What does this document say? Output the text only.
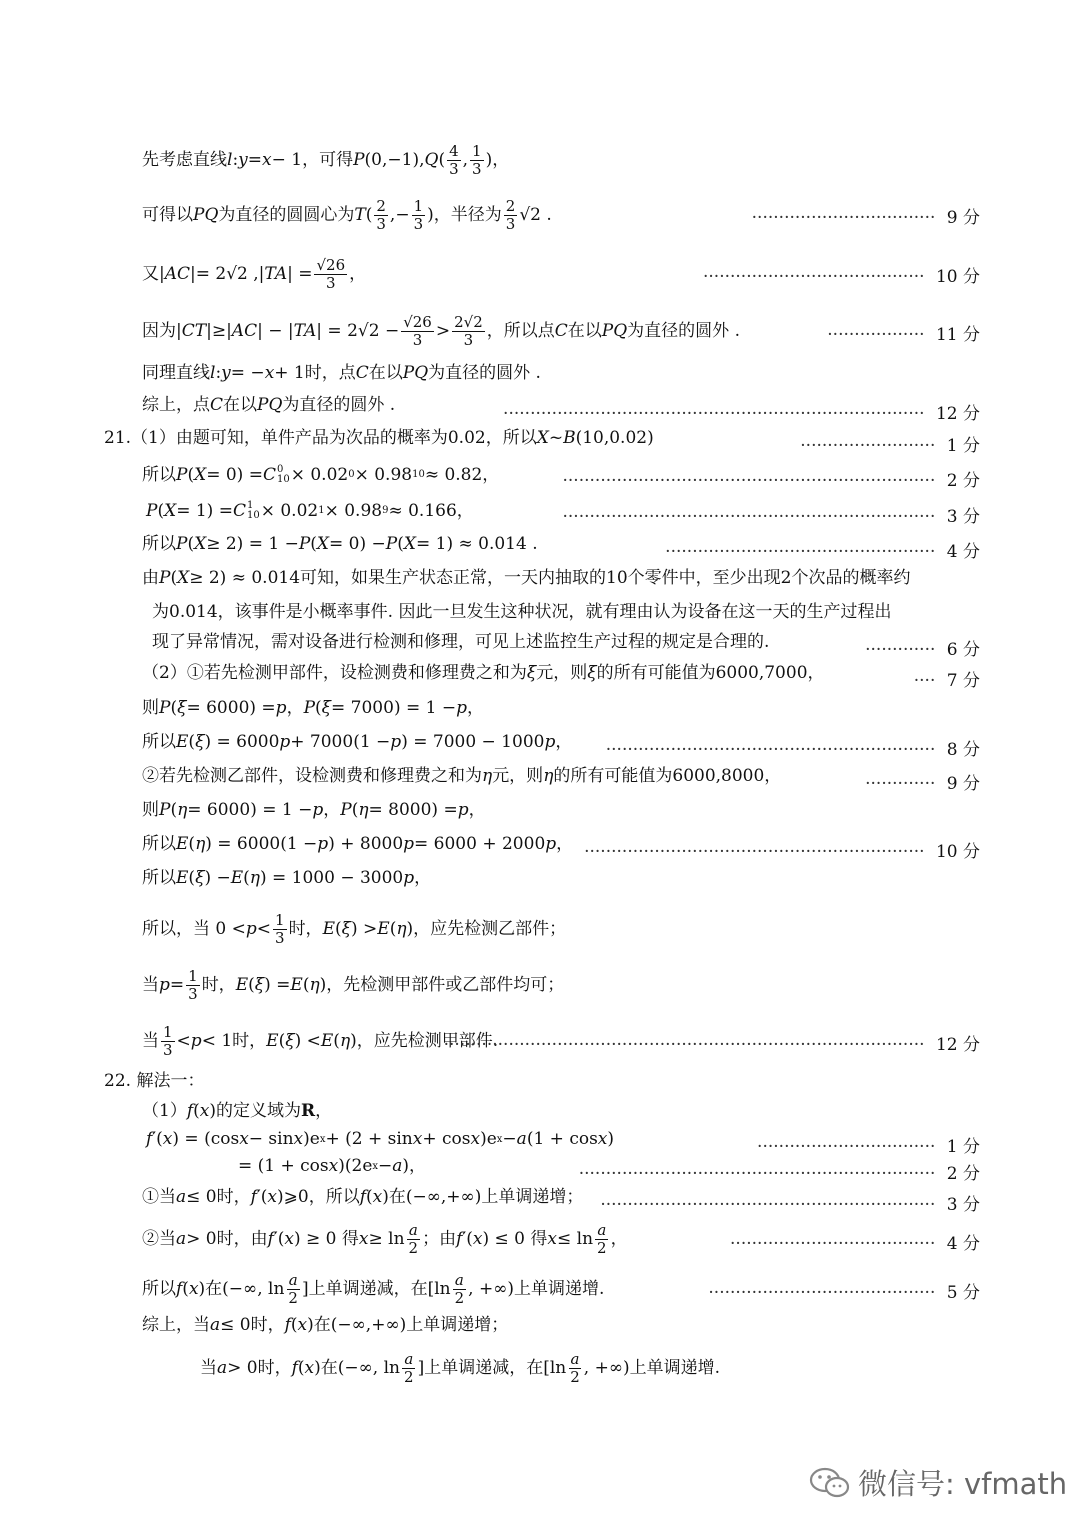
先考虑直线 l : y = x − 1，可得 P (0,−1), Q ( $\frac{4}{3}$ , $\frac{1}{3}$ )，
可得以 PQ 为直径的圆圆心为 T ( $\frac{2}{3}$ ,− $\frac{1}{3}$ )，半径为 $\frac{2}{3} √2$ .
又| AC |= 2√2 ,| TA | = $\frac{√26}{3}$ ，
因为| CT |≥| AC | − | TA | = $2√2 - \frac{√26}{3} > \frac{2√2}{3}$ ，所以点 C 在以 PQ 为直径的圆外 .
同理直线 l : y = − x + 1时，点 C 在以 PQ 为直径的圆外 .
综上，点 C 在以 PQ 为直径的圆外 .
21.（1）由题可知，单件产品为次品的概率为0.02，所以 X ~ B (10,0.02)
所以 P ( X = 0) = C 0
10 × 0.02 0 × 0.98 10 ≈ 0.82，
P ( X = 1) = C 1
10 × 0.02 1 × 0.98 9 ≈ 0.166，
所以 P ( X ≥ 2) = 1 − P ( X = 0) − P ( X = 1) ≈ 0.014 .
由 P ( X ≥ 2) ≈ 0.014可知，如果生产状态正常，一天内抽取的10个零件中，至少出现2个次品的概率约
为0.014，该事件是小概率事件. 因此一旦发生这种状况，就有理由认为设备在这一天的生产过程出
现了异常情况，需对设备进行检测和修理，可见上述监控生产过程的规定是合理的.
（2）①若先检测甲部件，设检测费和修理费之和为 ξ 元，则 ξ 的所有可能值为6000,7000，
则 P ( ξ = 6000) = p ， P ( ξ = 7000) = 1 − p ，
所以 E ( ξ ) = 6000 p + 7000(1 − p ) = 7000 − 1000 p ，
②若先检测乙部件，设检测费和修理费之和为 η 元，则 η 的所有可能值为6000,8000，
则 P ( η = 6000) = 1 − p ， P ( η = 8000) = p ，
所以 E ( η ) = 6000(1 − p ) + 8000 p = 6000 + 2000 p ，
所以 E ( ξ ) − E ( η ) = 1000 − 3000 p ，
所以，当 $0 < p < \frac{1}{3}$ 时， E ( ξ ) > E ( η )，应先检测乙部件；
当 $p = \frac{1}{3}$ 时， E ( ξ ) = E ( η )，先检测甲部件或乙部件均可；
当 $\frac{1}{3} < p < 1$时， E ( ξ ) < E ( η )，应先检测甲部件.
22. 解法一：
（1） f ( x )的定义域为 R ，
f ′( x ) = (cos x − sin x )e x + (2 + sin x + cos x )e x − a (1 + cos x )
= (1 + cos x )(2e x − a )，
①当 a ≤ 0时， f ′( x )⩾0，所以 f ( x )在(−∞,+∞)上单调递增；
②当 a > 0时，由 f ′( x ) ≥ 0 得 $x \ge \ln \frac{a}{2}$ ；由 f ′( x ) ≤ 0 得 $x \le \ln \frac{a}{2}$ ，
所以 f ( x )在(−∞, $\ln \frac{a}{2}$ ]上单调递减，在[$\ln \frac{a}{2}$ , +∞)上单调递增.
综上，当 a ≤ 0时， f ( x )在(−∞,+∞)上单调递增；
当 a > 0时， f ( x )在(−∞, $\ln \frac{a}{2}$ ]上单调递减，在[$\ln \frac{a}{2}$ , +∞)上单调递增.
·································· 9 分
········································· 10 分
·················· 11 分
·············································································· 12 分
························· 1 分
····································································· 2 分
····································································· 3 分
·················································· 4 分
············· 6 分
···· 7 分
····························································· 8 分
············· 9 分
······························································· 10 分
························································································· 12 分
································· 1 分
·································································· 2 分
······························································ 3 分
······································ 4 分
·········································· 5 分
微信号: vfmath
